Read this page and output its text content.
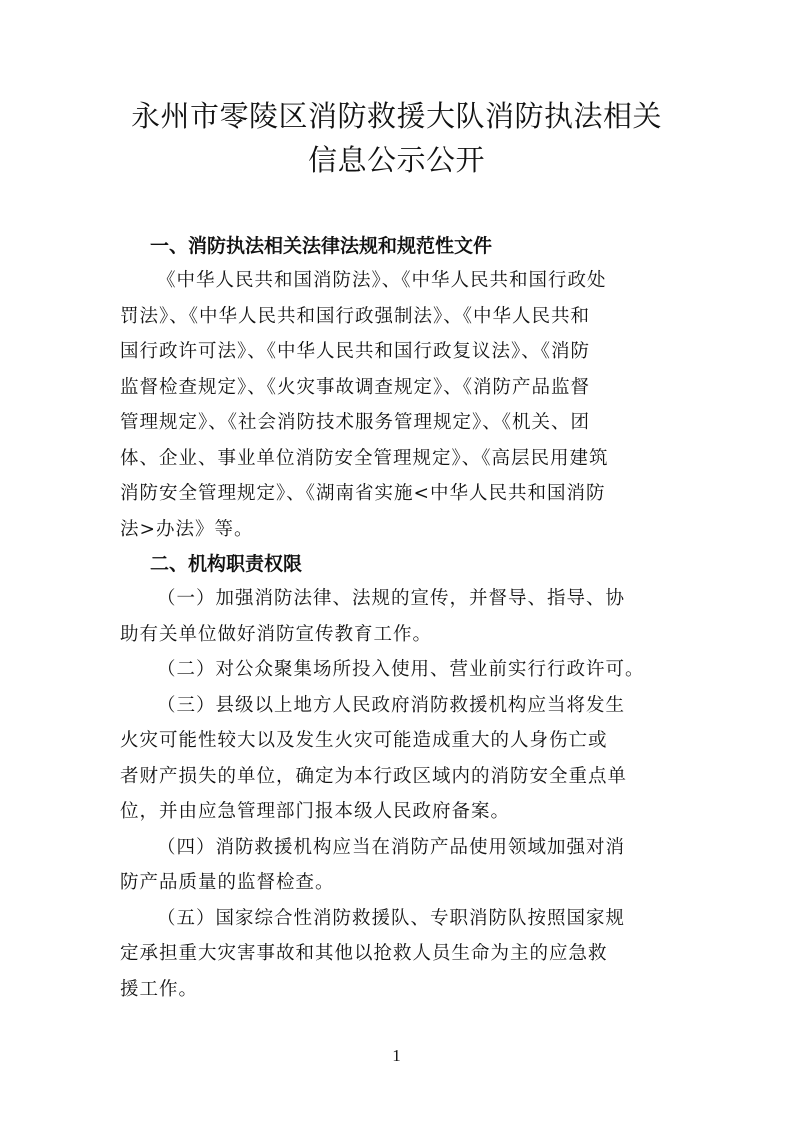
永州市零陵区消防救援大队消防执法相关
信息公示公开
一、消防执法相关法律法规和规范性文件

《中华人民共和国消防法》、《中华人民共和国行政处
罚法》、《中华人民共和国行政强制法》、《中华人民共和
国行政许可法》、《中华人民共和国行政复议法》、《消防
监督检查规定》、《火灾事故调查规定》、《消防产品监督
管理规定》、《社会消防技术服务管理规定》、《机关、团
体、企业、事业单位消防安全管理规定》、《高层民用建筑
消防安全管理规定》、《湖南省实施<中华人民共和国消防
法>办法》等。

二、机构职责权限

（一）加强消防法律、法规的宣传，并督导、指导、协
助有关单位做好消防宣传教育工作。

（二）对公众聚集场所投入使用、营业前实行行政许可。

（三）县级以上地方人民政府消防救援机构应当将发生
火灾可能性较大以及发生火灾可能造成重大的人身伤亡或
者财产损失的单位，确定为本行政区域内的消防安全重点单
位，并由应急管理部门报本级人民政府备案。

（四）消防救援机构应当在消防产品使用领域加强对消
防产品质量的监督检查。

（五）国家综合性消防救援队、专职消防队按照国家规
定承担重大灾害事故和其他以抢救人员生命为主的应急救
援工作。

1
